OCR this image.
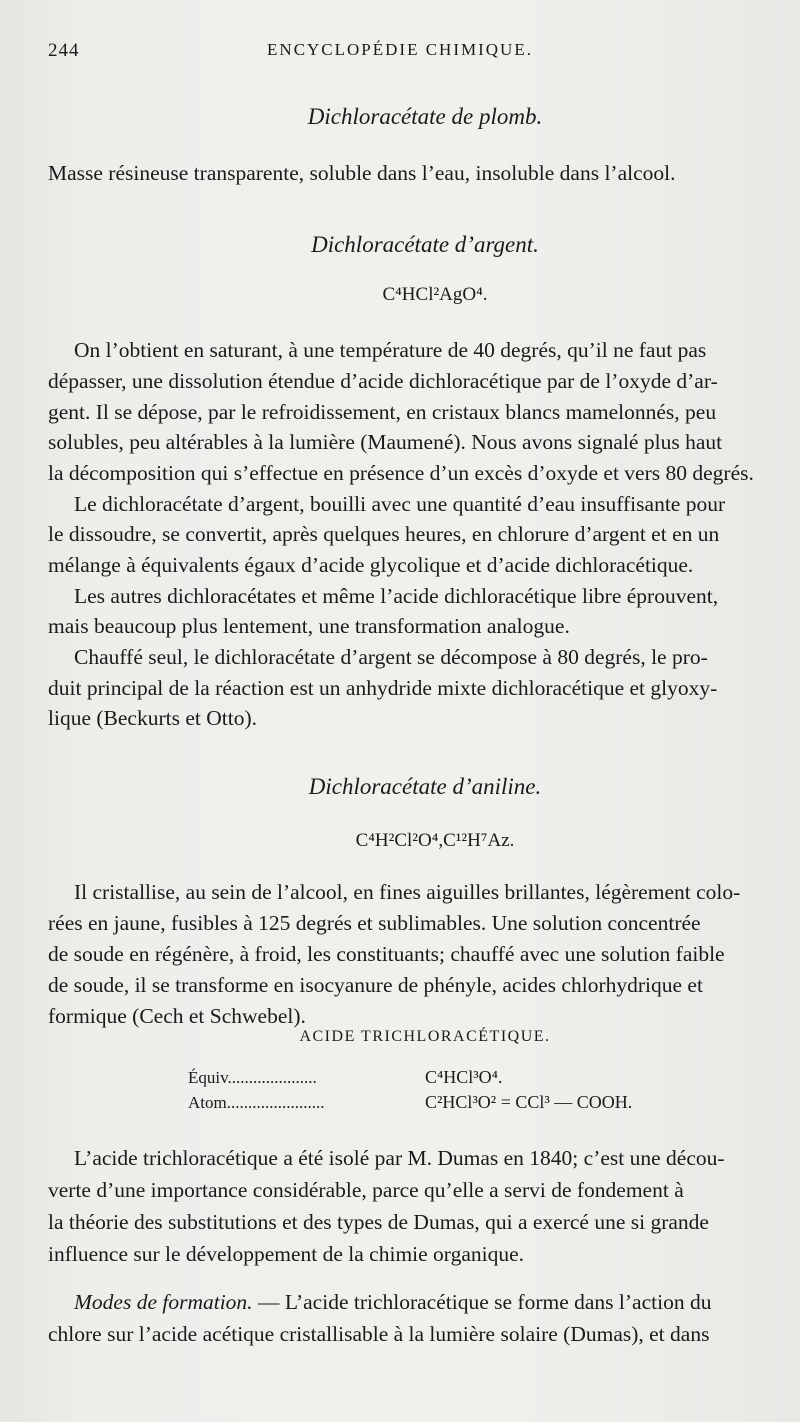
244	ENCYCLOPÉDIE CHIMIQUE.
Dichloracétate de plomb.
Masse résineuse transparente, soluble dans l’eau, insoluble dans l’alcool.
Dichloracétate d’argent.
C⁴HCl²AgO⁴.
On l’obtient en saturant, à une température de 40 degrés, qu’il ne faut pas
dépasser, une dissolution étendue d’acide dichloracétique par de l’oxyde d’ar-
gent. Il se dépose, par le refroidissement, en cristaux blancs mamelonnés, peu
solubles, peu altérables à la lumière (Maumené). Nous avons signalé plus haut
la décomposition qui s’effectue en présence d’un excès d’oxyde et vers 80 degrés.
Le dichloracétate d’argent, bouilli avec une quantité d’eau insuffisante pour
le dissoudre, se convertit, après quelques heures, en chlorure d’argent et en un
mélange à équivalents égaux d’acide glycolique et d’acide dichloracétique.
Les autres dichloracétates et même l’acide dichloracétique libre éprouvent,
mais beaucoup plus lentement, une transformation analogue.
Chauffé seul, le dichloracétate d’argent se décompose à 80 degrés, le pro-
duit principal de la réaction est un anhydride mixte dichloracétique et glyoxy-
lique (Beckurts et Otto).
Dichloracétate d’aniline.
C⁴H²Cl²O⁴,C¹²H⁷Az.
Il cristallise, au sein de l’alcool, en fines aiguilles brillantes, légèrement colo-
rées en jaune, fusibles à 125 degrés et sublimables. Une solution concentrée
de soude en régénère, à froid, les constituants; chauffé avec une solution faible
de soude, il se transforme en isocyanure de phényle, acides chlorhydrique et
formique (Cech et Schwebel).
ACIDE TRICHLORACÉTIQUE.
Équiv.....................	C⁴HCl³O⁴.
Atom.......................	C²HCl³O² = CCl³ — COOH.
L’acide trichloracétique a été isolé par M. Dumas en 1840; c’est une décou-
verte d’une importance considérable, parce qu’elle a servi de fondement à
la théorie des substitutions et des types de Dumas, qui a exercé une si grande
influence sur le développement de la chimie organique.
Modes de formation. — L’acide trichloracétique se forme dans l’action du
chlore sur l’acide acétique cristallisable à la lumière solaire (Dumas), et dans
